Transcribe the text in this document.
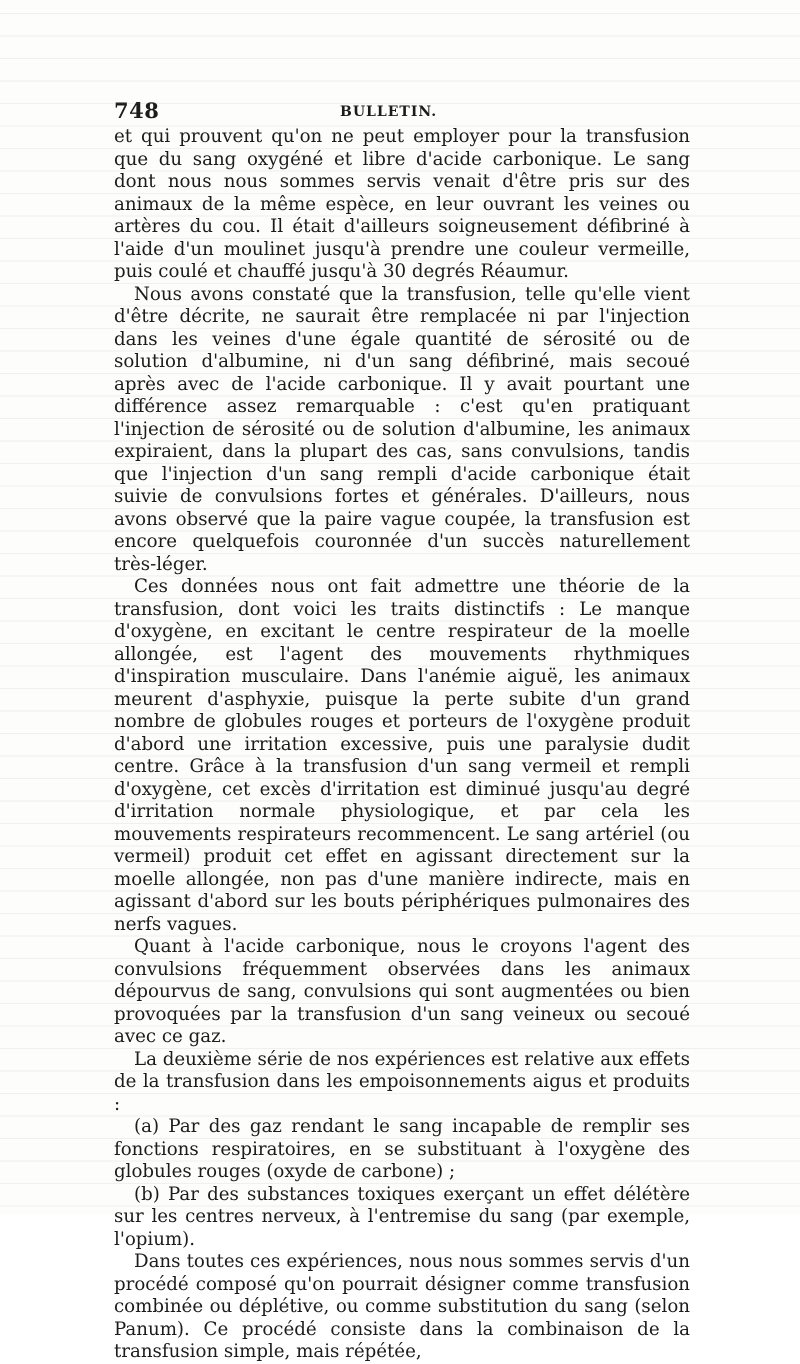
748	BULLETIN.

et qui prouvent qu'on ne peut employer pour la transfusion que du sang oxygéné et libre d'acide carbonique. Le sang dont nous nous sommes servis venait d'être pris sur des animaux de la même espèce, en leur ouvrant les veines ou artères du cou. Il était d'ailleurs soigneusement défibriné à l'aide d'un moulinet jusqu'à prendre une couleur vermeille, puis coulé et chauffé jusqu'à 30 degrés Réaumur.

Nous avons constaté que la transfusion, telle qu'elle vient d'être décrite, ne saurait être remplacée ni par l'injection dans les veines d'une égale quantité de sérosité ou de solution d'albumine, ni d'un sang défibriné, mais secoué après avec de l'acide carbonique. Il y avait pourtant une différence assez remarquable : c'est qu'en pratiquant l'injection de sérosité ou de solution d'albumine, les animaux expiraient, dans la plupart des cas, sans convulsions, tandis que l'injection d'un sang rempli d'acide carbonique était suivie de convulsions fortes et générales. D'ailleurs, nous avons observé que la paire vague coupée, la transfusion est encore quelquefois couronnée d'un succès naturellement très-léger.

Ces données nous ont fait admettre une théorie de la transfusion, dont voici les traits distinctifs : Le manque d'oxygène, en excitant le centre respirateur de la moelle allongée, est l'agent des mouvements rhythmiques d'inspiration musculaire. Dans l'anémie aiguë, les animaux meurent d'asphyxie, puisque la perte subite d'un grand nombre de globules rouges et porteurs de l'oxygène produit d'abord une irritation excessive, puis une paralysie dudit centre. Grâce à la transfusion d'un sang vermeil et rempli d'oxygène, cet excès d'irritation est diminué jusqu'au degré d'irritation normale physiologique, et par cela les mouvements respirateurs recommencent. Le sang artériel (ou vermeil) produit cet effet en agissant directement sur la moelle allongée, non pas d'une manière indirecte, mais en agissant d'abord sur les bouts périphériques pulmonaires des nerfs vagues.

Quant à l'acide carbonique, nous le croyons l'agent des convulsions fréquemment observées dans les animaux dépourvus de sang, convulsions qui sont augmentées ou bien provoquées par la transfusion d'un sang veineux ou secoué avec ce gaz.

La deuxième série de nos expériences est relative aux effets de la transfusion dans les empoisonnements aigus et produits :

(a) Par des gaz rendant le sang incapable de remplir ses fonctions respiratoires, en se substituant à l'oxygène des globules rouges (oxyde de carbone) ;

(b) Par des substances toxiques exerçant un effet délétère sur les centres nerveux, à l'entremise du sang (par exemple, l'opium).

Dans toutes ces expériences, nous nous sommes servis d'un procédé composé qu'on pourrait désigner comme transfusion combinée ou déplétive, ou comme substitution du sang (selon Panum). Ce procédé consiste dans la combinaison de la transfusion simple, mais répétée,
